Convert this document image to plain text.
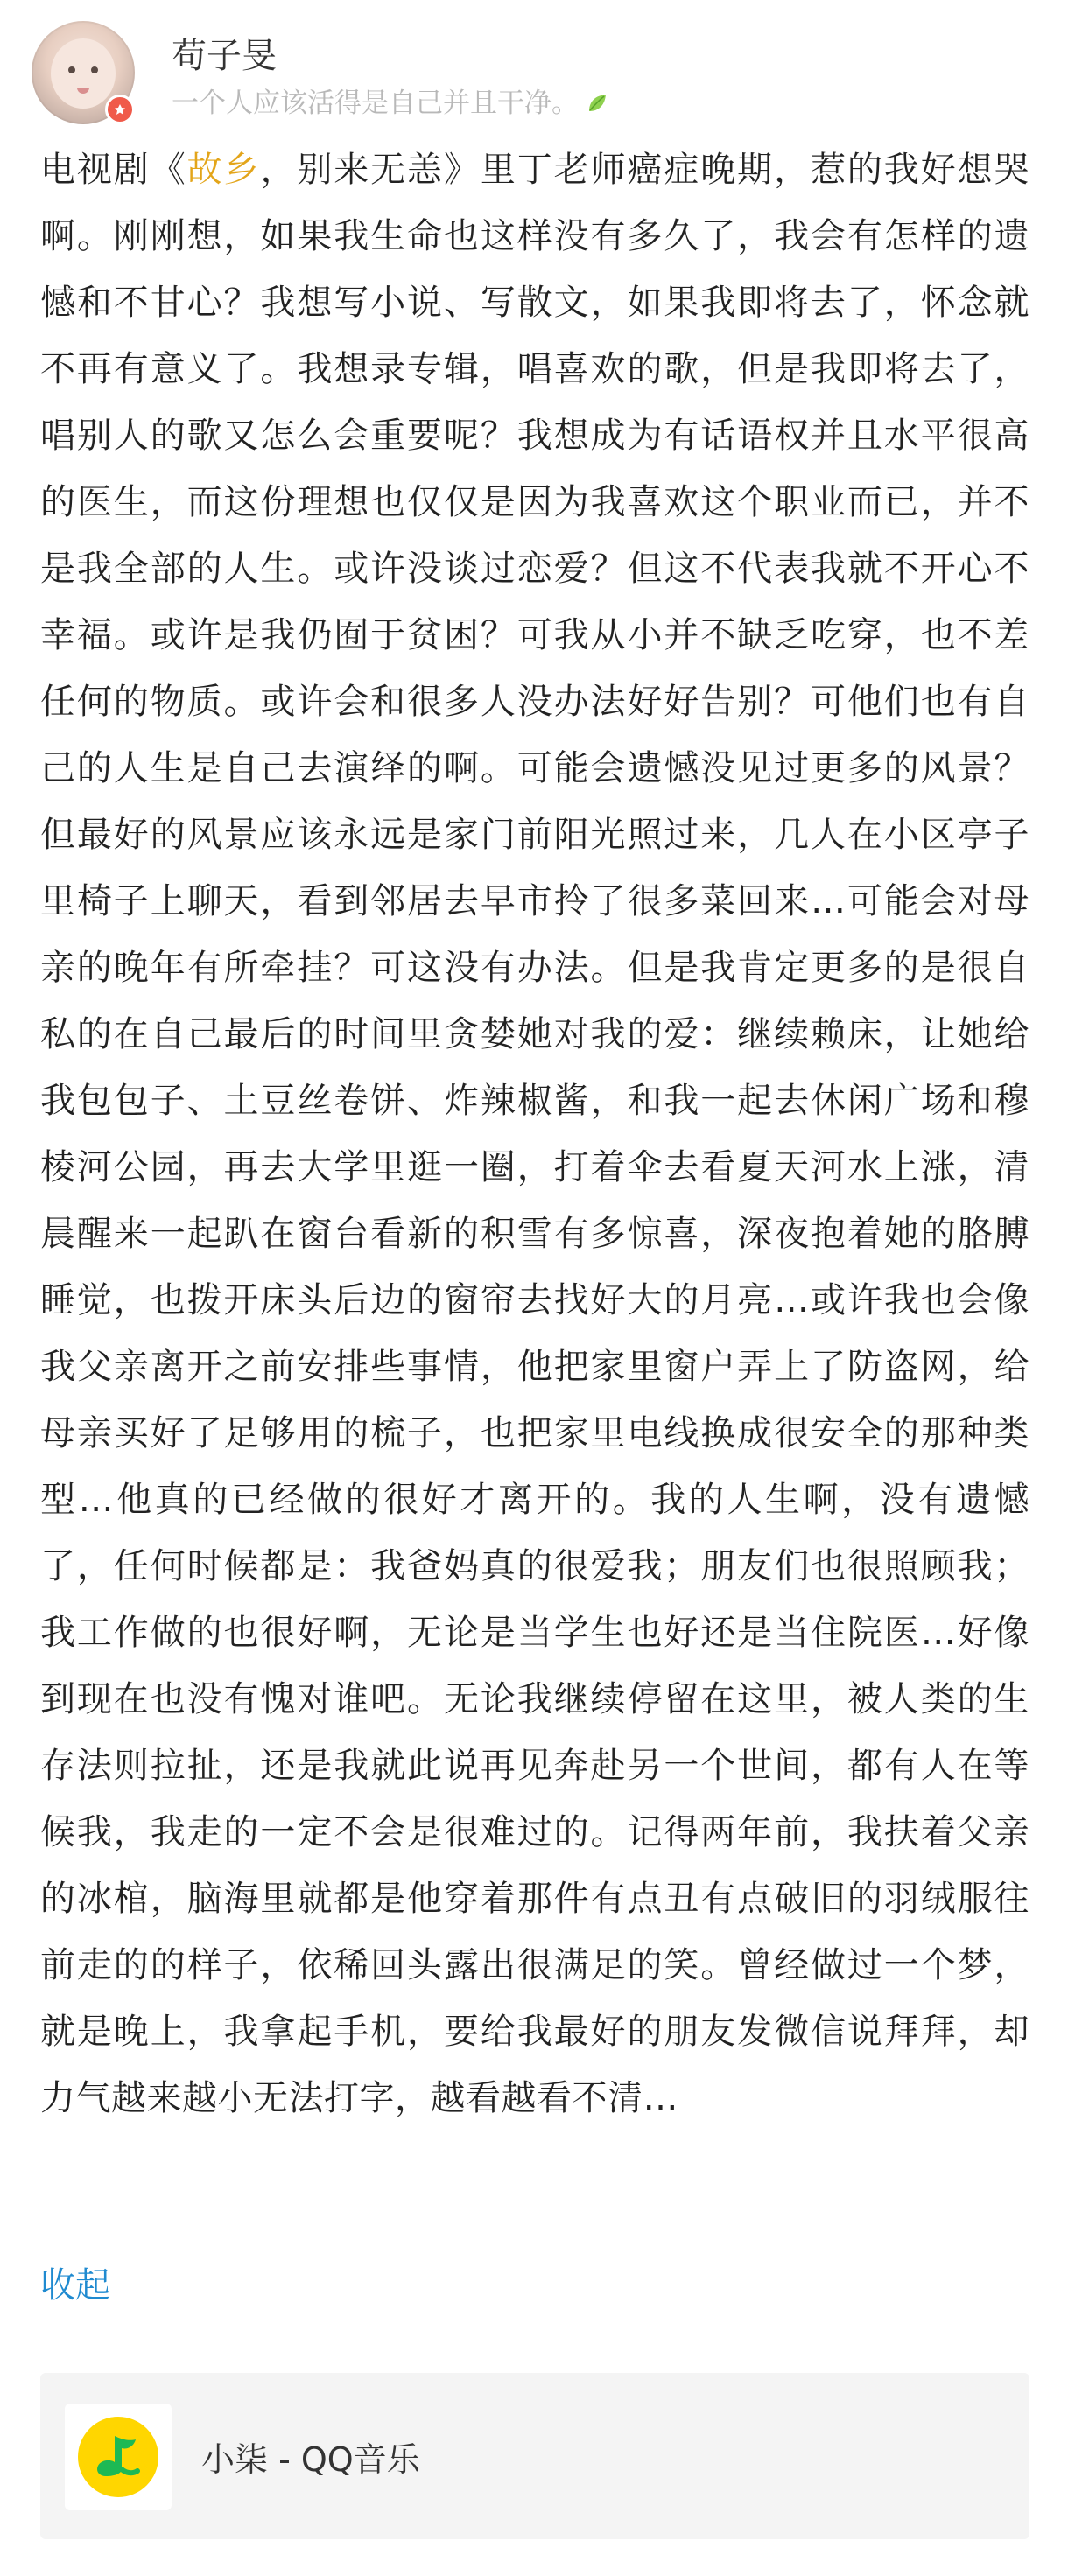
苟子旻
一个人应该活得是自己并且干净。
电视剧《故乡，别来无恙》里丁老师癌症晚期，惹的我好想哭啊。刚刚想，如果我生命也这样没有多久了，我会有怎样的遗憾和不甘心？我想写小说、写散文，如果我即将去了，怀念就不再有意义了。我想录专辑，唱喜欢的歌，但是我即将去了，唱别人的歌又怎么会重要呢？我想成为有话语权并且水平很高的医生，而这份理想也仅仅是因为我喜欢这个职业而已，并不是我全部的人生。或许没谈过恋爱？但这不代表我就不开心不幸福。或许是我仍囿于贫困？可我从小并不缺乏吃穿，也不差任何的物质。或许会和很多人没办法好好告别？可他们也有自己的人生是自己去演绎的啊。可能会遗憾没见过更多的风景？但最好的风景应该永远是家门前阳光照过来，几人在小区亭子里椅子上聊天，看到邻居去早市拎了很多菜回来…可能会对母亲的晚年有所牵挂？可这没有办法。但是我肯定更多的是很自私的在自己最后的时间里贪婪她对我的爱：继续赖床，让她给我包包子、土豆丝卷饼、炸辣椒酱，和我一起去休闲广场和穆棱河公园，再去大学里逛一圈，打着伞去看夏天河水上涨，清晨醒来一起趴在窗台看新的积雪有多惊喜，深夜抱着她的胳膊睡觉，也拨开床头后边的窗帘去找好大的月亮…或许我也会像我父亲离开之前安排些事情，他把家里窗户弄上了防盗网，给母亲买好了足够用的梳子，也把家里电线换成很安全的那种类型…他真的已经做的很好才离开的。我的人生啊，没有遗憾了，任何时候都是：我爸妈真的很爱我；朋友们也很照顾我；我工作做的也很好啊，无论是当学生也好还是当住院医…好像到现在也没有愧对谁吧。无论我继续停留在这里，被人类的生存法则拉扯，还是我就此说再见奔赴另一个世间，都有人在等候我，我走的一定不会是很难过的。记得两年前，我扶着父亲的冰棺，脑海里就都是他穿着那件有点丑有点破旧的羽绒服往前走的的样子，依稀回头露出很满足的笑。曾经做过一个梦，就是晚上，我拿起手机，要给我最好的朋友发微信说拜拜，却力气越来越小无法打字，越看越看不清…
收起
小柒 - QQ音乐
